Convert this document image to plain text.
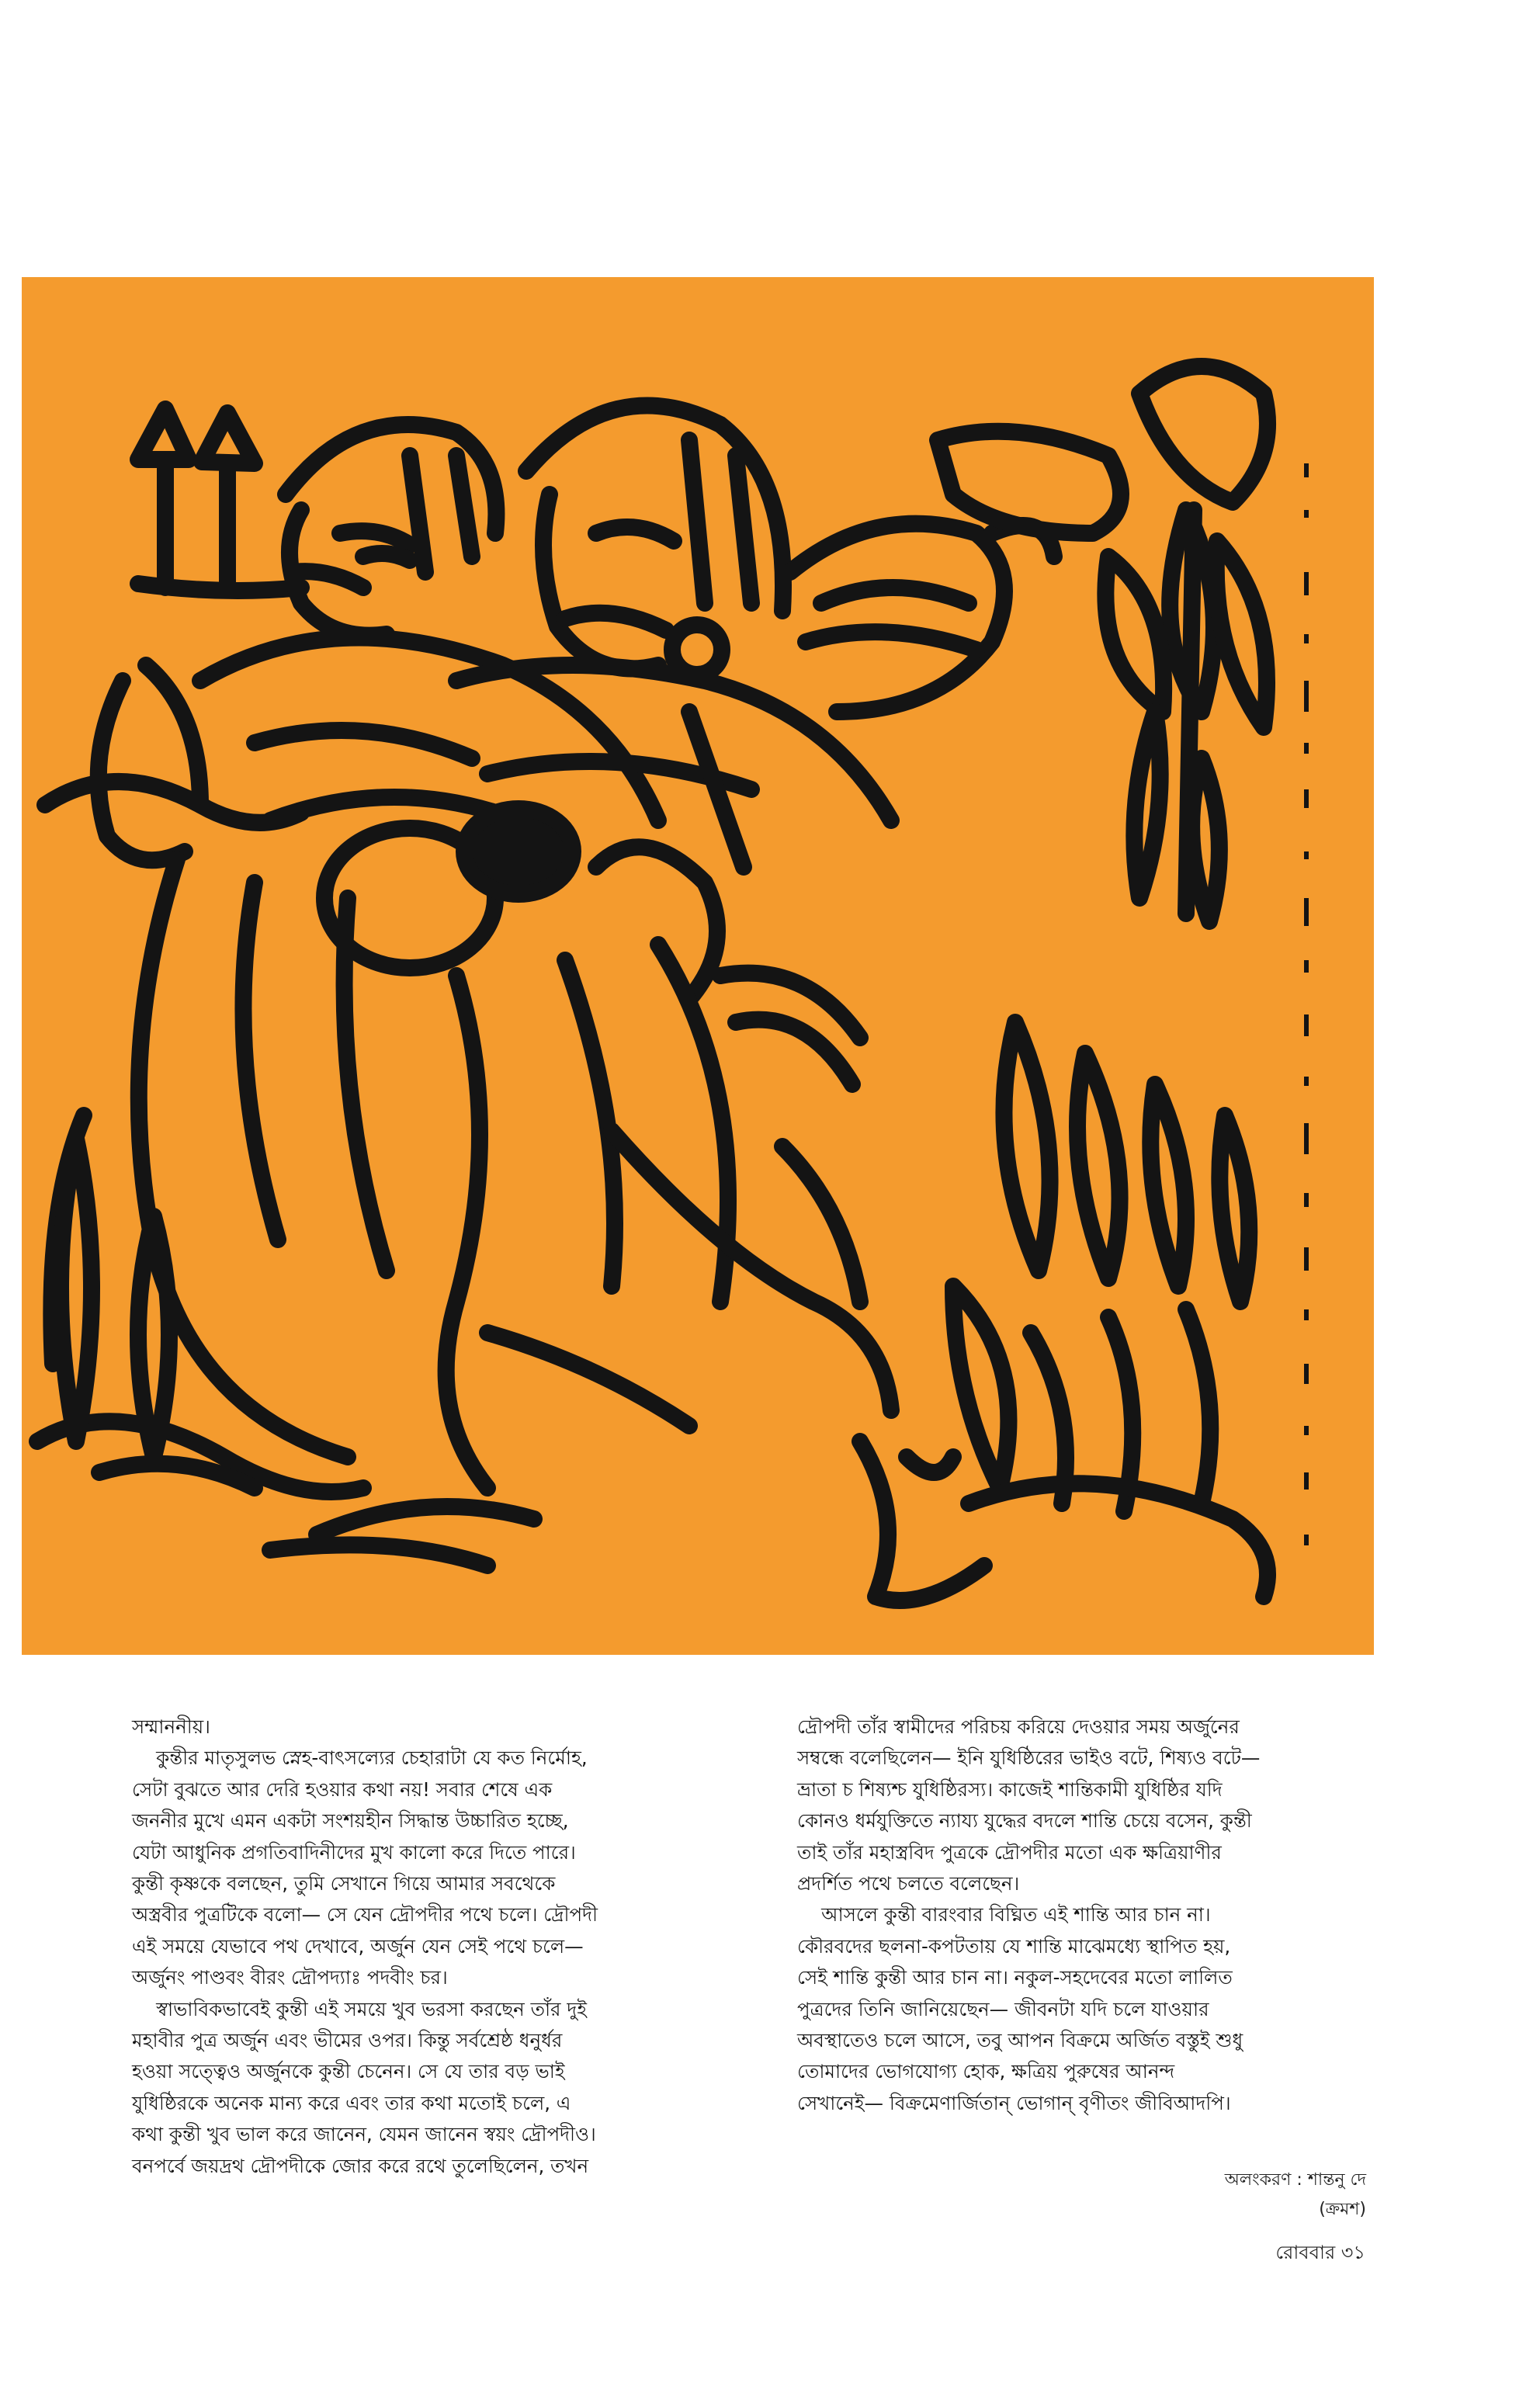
সম্মাননীয়।

কুন্তীর মাতৃসুলভ স্নেহ-বাৎসল্যের চেহারাটা যে কত নির্মোহ,

সেটা বুঝতে আর দেরি হওয়ার কথা নয়! সবার শেষে এক

জননীর মুখে এমন একটা সংশয়হীন সিদ্ধান্ত উচ্চারিত হচ্ছে,

যেটা আধুনিক প্রগতিবাদিনীদের মুখ কালো করে দিতে পারে।

কুন্তী কৃষ্ণকে বলছেন, তুমি সেখানে গিয়ে আমার সবথেকে

অস্ত্রবীর পুত্রটিকে বলো— সে যেন দ্রৌপদীর পথে চলে। দ্রৌপদী

এই সময়ে যেভাবে পথ দেখাবে, অর্জুন যেন সেই পথে চলে—

অর্জুনং পাণ্ডবং বীরং দ্রৌপদ্যাঃ পদবীং চর।

স্বাভাবিকভাবেই কুন্তী এই সময়ে খুব ভরসা করছেন তাঁর দুই

মহাবীর পুত্র অর্জুন এবং ভীমের ওপর। কিন্তু সর্বশ্রেষ্ঠ ধনুর্ধর

হওয়া সত্ত্বেও অর্জুনকে কুন্তী চেনেন। সে যে তার বড় ভাই

যুধিষ্ঠিরকে অনেক মান্য করে এবং তার কথা মতোই চলে, এ

কথা কুন্তী খুব ভাল করে জানেন, যেমন জানেন স্বয়ং দ্রৌপদীও।

বনপর্বে জয়দ্রথ দ্রৌপদীকে জোর করে রথে তুলেছিলেন, তখন

দ্রৌপদী তাঁর স্বামীদের পরিচয় করিয়ে দেওয়ার সময় অর্জুনের

সম্বন্ধে বলেছিলেন— ইনি যুধিষ্ঠিরের ভাইও বটে, শিষ্যও বটে—

ভ্রাতা চ শিষ্যশ্চ যুধিষ্ঠিরস্য। কাজেই শান্তিকামী যুধিষ্ঠির যদি

কোনও ধর্মযুক্তিতে ন্যায্য যুদ্ধের বদলে শান্তি চেয়ে বসেন, কুন্তী

তাই তাঁর মহাস্ত্রবিদ পুত্রকে দ্রৌপদীর মতো এক ক্ষত্রিয়াণীর

প্রদর্শিত পথে চলতে বলেছেন।

আসলে কুন্তী বারংবার বিঘ্নিত এই শান্তি আর চান না।

কৌরবদের ছলনা-কপটতায় যে শান্তি মাঝেমধ্যে স্থাপিত হয়,

সেই শান্তি কুন্তী আর চান না। নকুল-সহদেবের মতো লালিত

পুত্রদের তিনি জানিয়েছেন— জীবনটা যদি চলে যাওয়ার

অবস্থাতেও চলে আসে, তবু আপন বিক্রমে অর্জিত বস্তুই শুধু

তোমাদের ভোগযোগ্য হোক, ক্ষত্রিয় পুরুষের আনন্দ

সেখানেই— বিক্রমেণার্জিতান্ ভোগান্ বৃণীতং জীবিআদপি।

অলংকরণ : শান্তনু দে
(ক্রমশ)
রোববার ৩১
